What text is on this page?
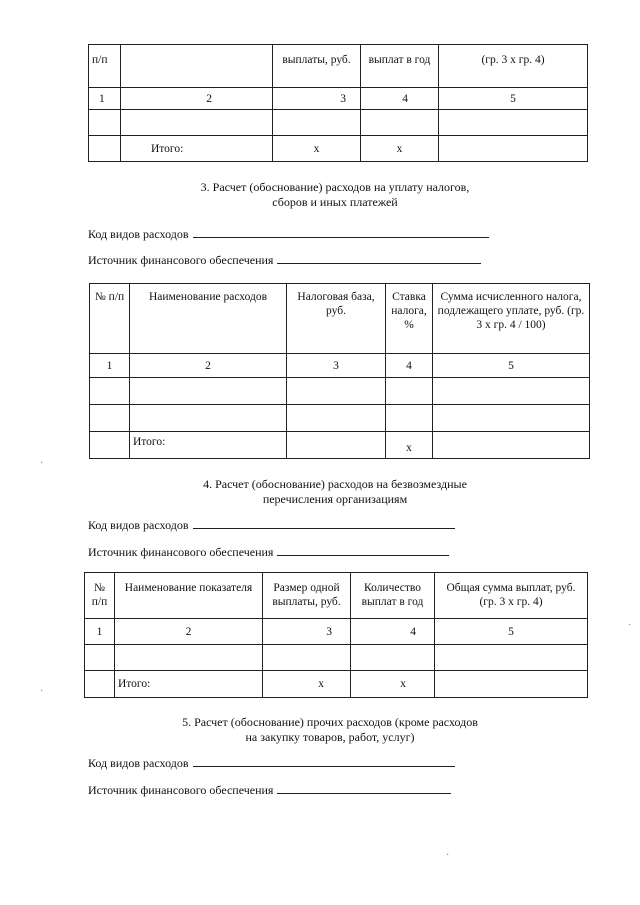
п/п		выплаты, руб.	выплат в год	(гр. 3 х гр. 4)
1	2	3	4	5

	Итого:	х	х	
3. Расчет (обоснование) расходов на уплату налогов,
сборов и иных платежей
Код видов расходов
Источник финансового обеспечения
№ п/п	Наименование расходов	Налоговая база, руб.	Ставка налога, %	Сумма исчисленного налога, подлежащего уплате, руб. (гр. 3 х гр. 4 / 100)
1	2	3	4	5

	Итого:		х	
4. Расчет (обоснование) расходов на безвозмездные
перечисления организациям
Код видов расходов
Источник финансового обеспечения
№ п/п	Наименование показателя	Размер одной выплаты, руб.	Количество выплат в год	Общая сумма выплат, руб. (гр. 3 х гр. 4)
1	2	3	4	5

	Итого:	х	х	
5. Расчет (обоснование) прочих расходов (кроме расходов
на закупку товаров, работ, услуг)
Код видов расходов
Источник финансового обеспечения
·
·
·
·
